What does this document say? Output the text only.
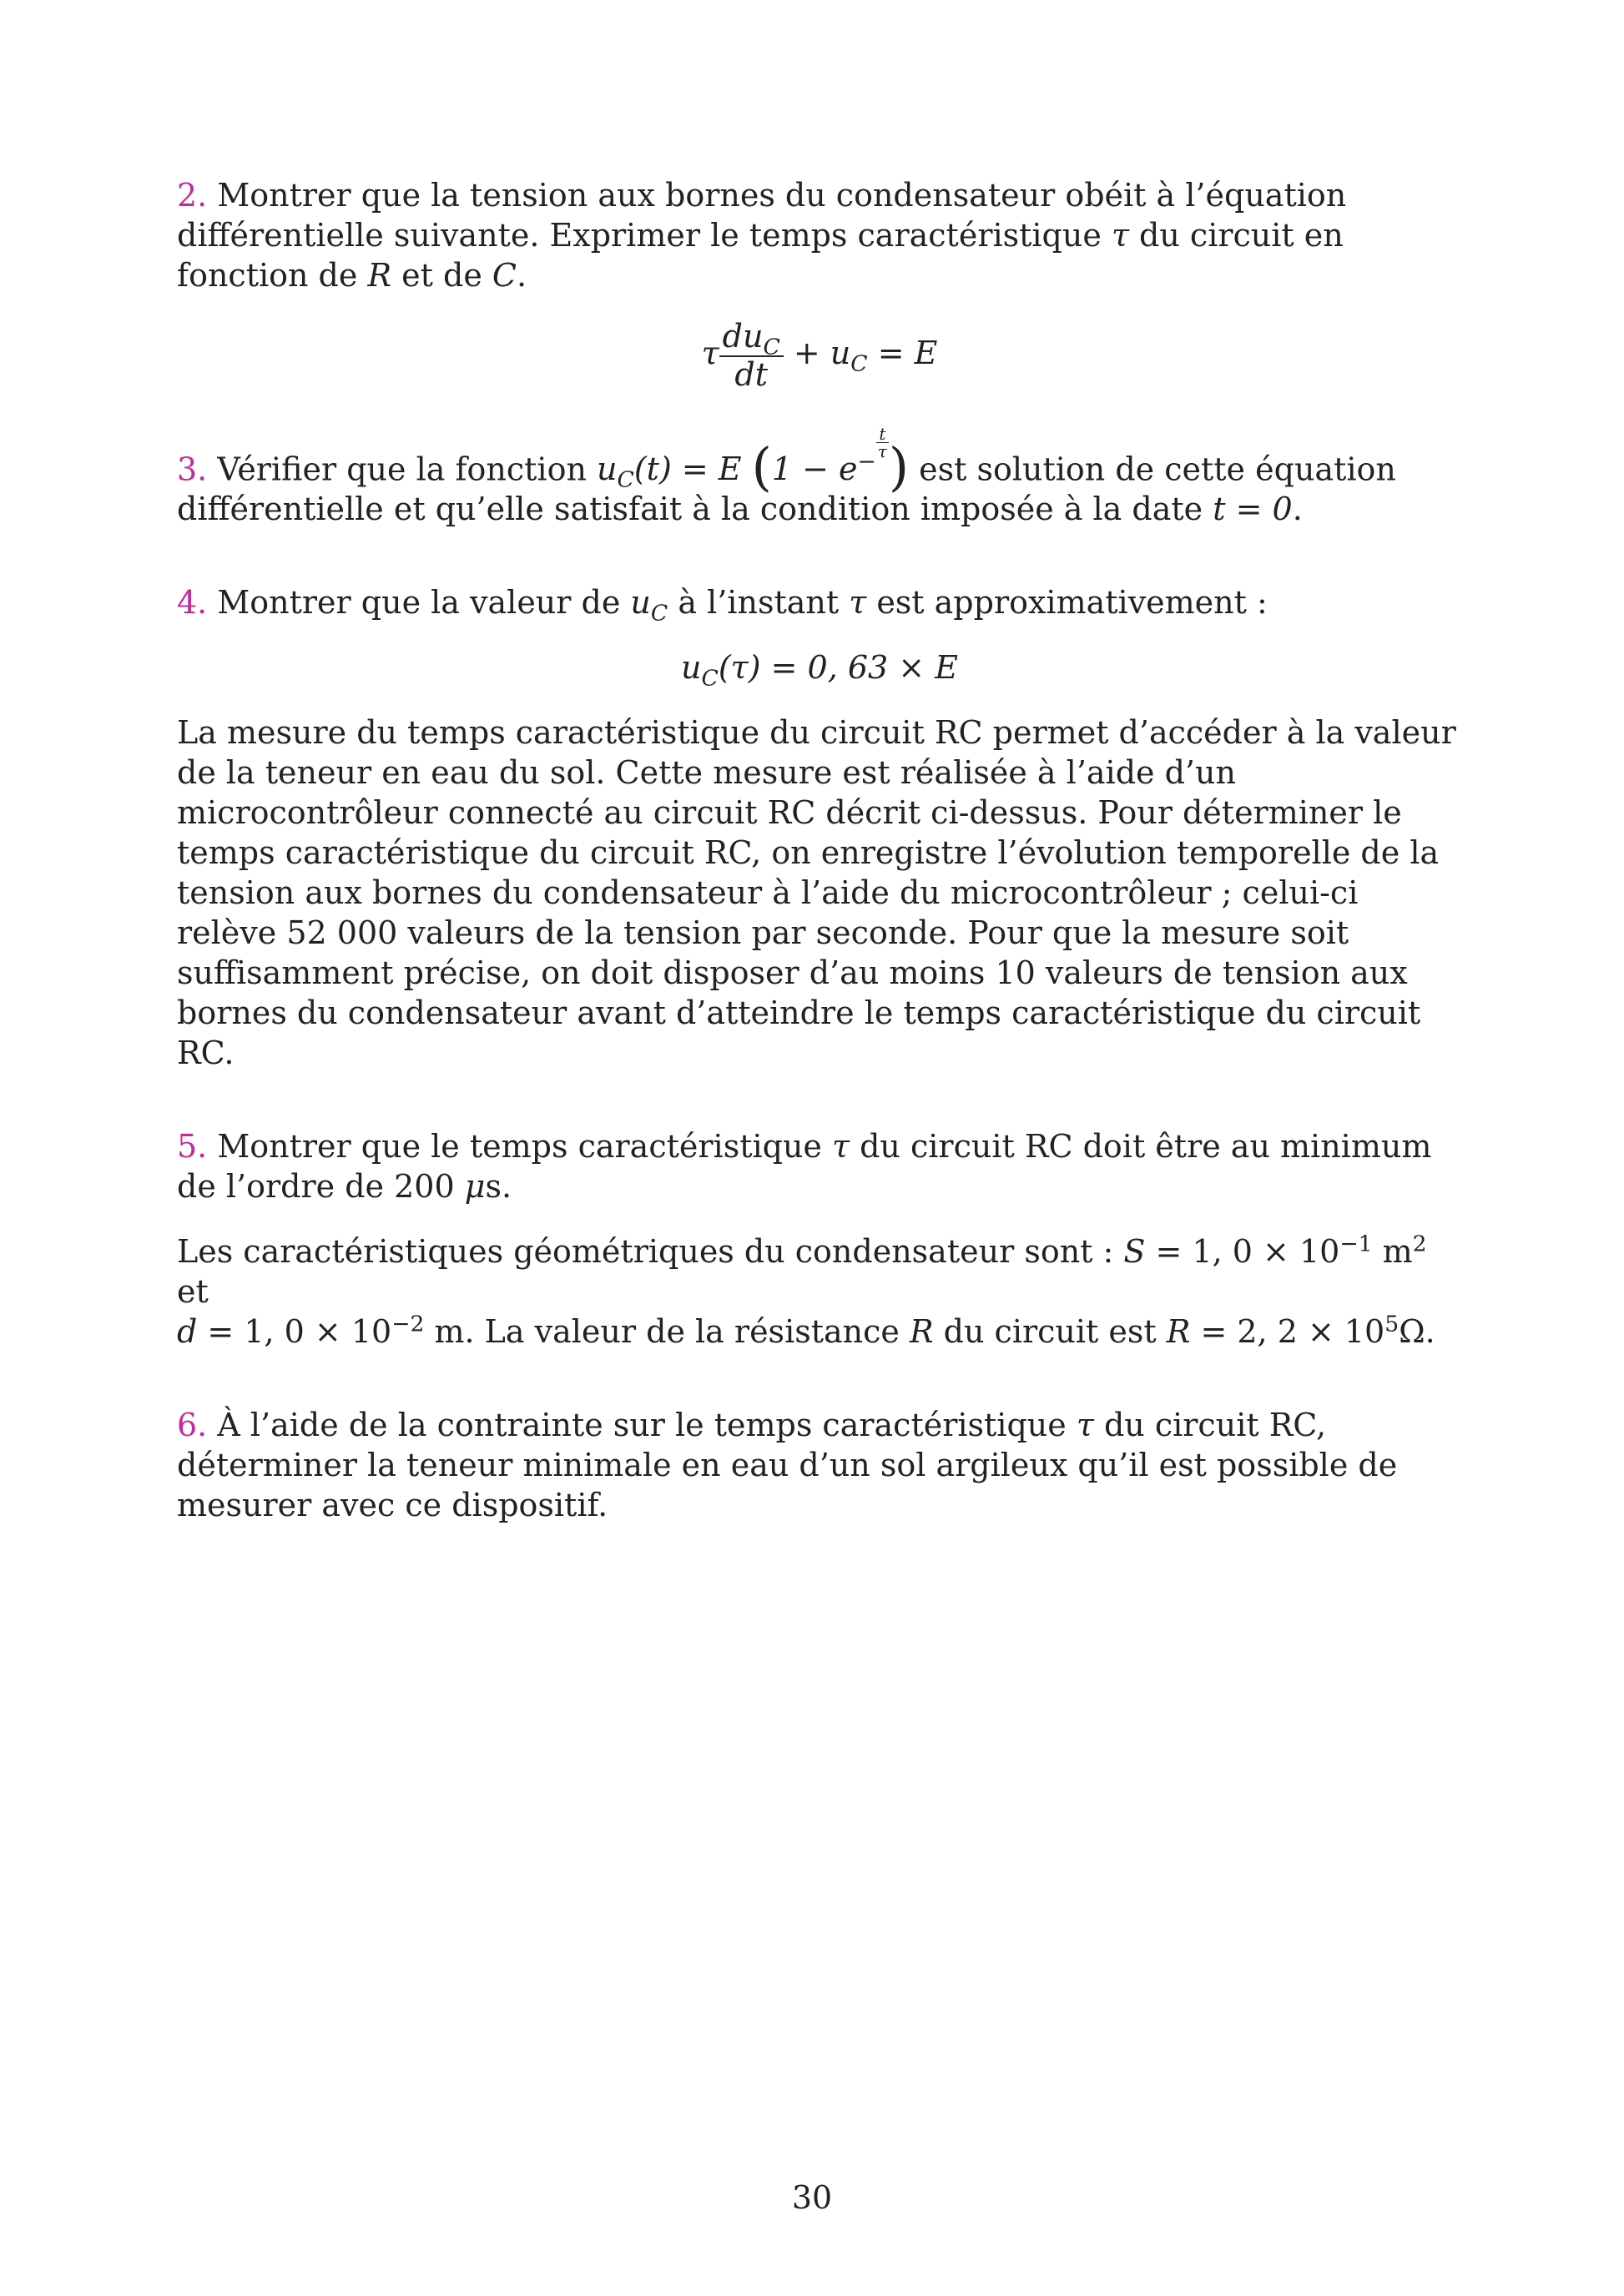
2. Montrer que la tension aux bornes du condensateur obéit à l’équation différentielle suivante. Exprimer le temps caractéristique τ du circuit en fonction de R et de C.

τ $\frac{du_C}{dt} + u_C = E$

3. Vérifier que la fonction $u_C(t) = E$ ($1 - e^{- \frac{t}{\tau}}$ ) est solution de cette équation différentielle et qu’elle satisfait à la condition imposée à la date t = 0.

4. Montrer que la valeur de $u_C$ à l’instant τ est approximativement :

$u_C(\tau) = 0$, 63 × E

La mesure du temps caractéristique du circuit RC permet d’accéder à la valeur de la teneur en eau du sol. Cette mesure est réalisée à l’aide d’un microcontrôleur connecté au circuit RC décrit ci-dessus. Pour déterminer le temps caractéristique du circuit RC, on enregistre l’évolution temporelle de la tension aux bornes du condensateur à l’aide du microcontrôleur ; celui-ci relève 52 000 valeurs de la tension par seconde. Pour que la mesure soit suffisamment précise, on doit disposer d’au moins 10 valeurs de tension aux bornes du condensateur avant d’atteindre le temps caractéristique du circuit RC.

5. Montrer que le temps caractéristique τ du circuit RC doit être au minimum de l’ordre de 200 μs.

Les caractéristiques géométriques du condensateur sont : S = 1, $0 \times 10^{-1}$ $m^2$ et
d = 1, $0 \times 10^{-2}$ m. La valeur de la résistance R du circuit est R = 2, $2 \times 10^5\Omega$.

6. À l’aide de la contrainte sur le temps caractéristique τ du circuit RC, déterminer la teneur minimale en eau d’un sol argileux qu’il est possible de mesurer avec ce dispositif.

30
